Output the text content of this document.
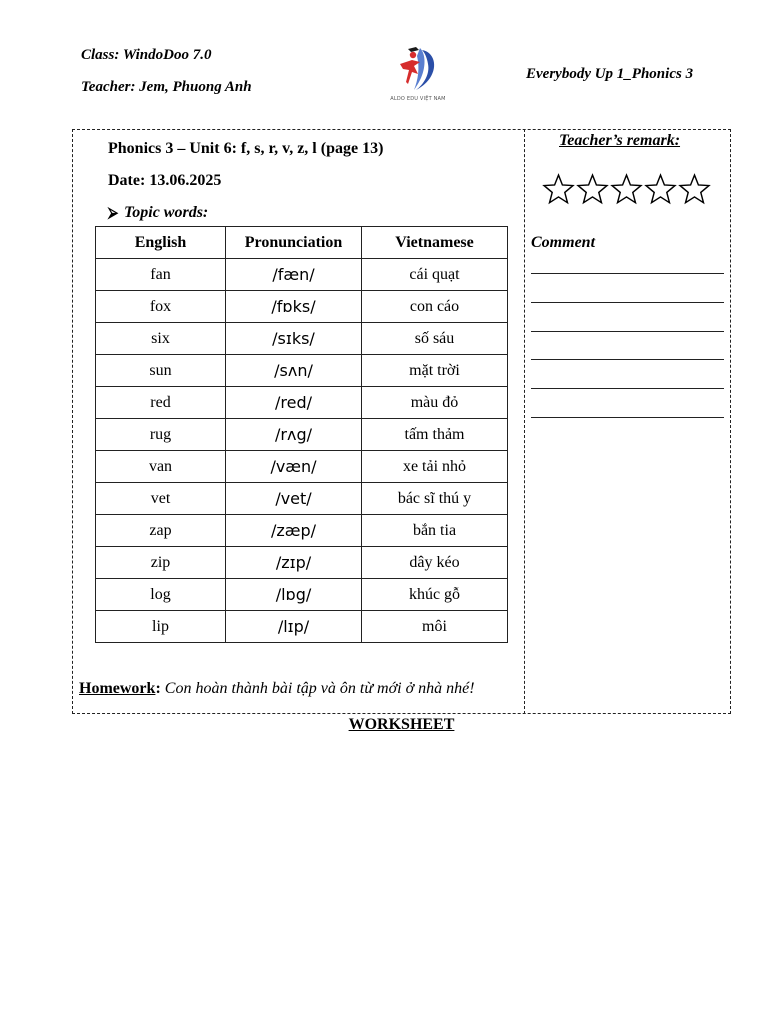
Class: WindoDoo 7.0
Teacher: Jem, Phuong Anh
Everybody Up 1_Phonics 3
ALDO EDU VIỆT NAM
Phonics 3 – Unit 6: f, s, r, v, z, l (page 13)
Date: 13.06.2025
⮚ Topic words:
English	Pronunciation	Vietnamese
fan	/fæn/	cái quạt
fox	/fɒks/	con cáo
six	/sɪks/	số sáu
sun	/sʌn/	mặt trời
red	/red/	màu đỏ
rug	/rʌg/	tấm thảm
van	/væn/	xe tải nhỏ
vet	/vet/	bác sĩ thú y
zap	/zæp/	bắn tia
zip	/zɪp/	dây kéo
log	/lɒg/	khúc gỗ
lip	/lɪp/	môi
Homework: Con hoàn thành bài tập và ôn từ mới ở nhà nhé!
Teacher’s remark:
Comment
WORKSHEET
